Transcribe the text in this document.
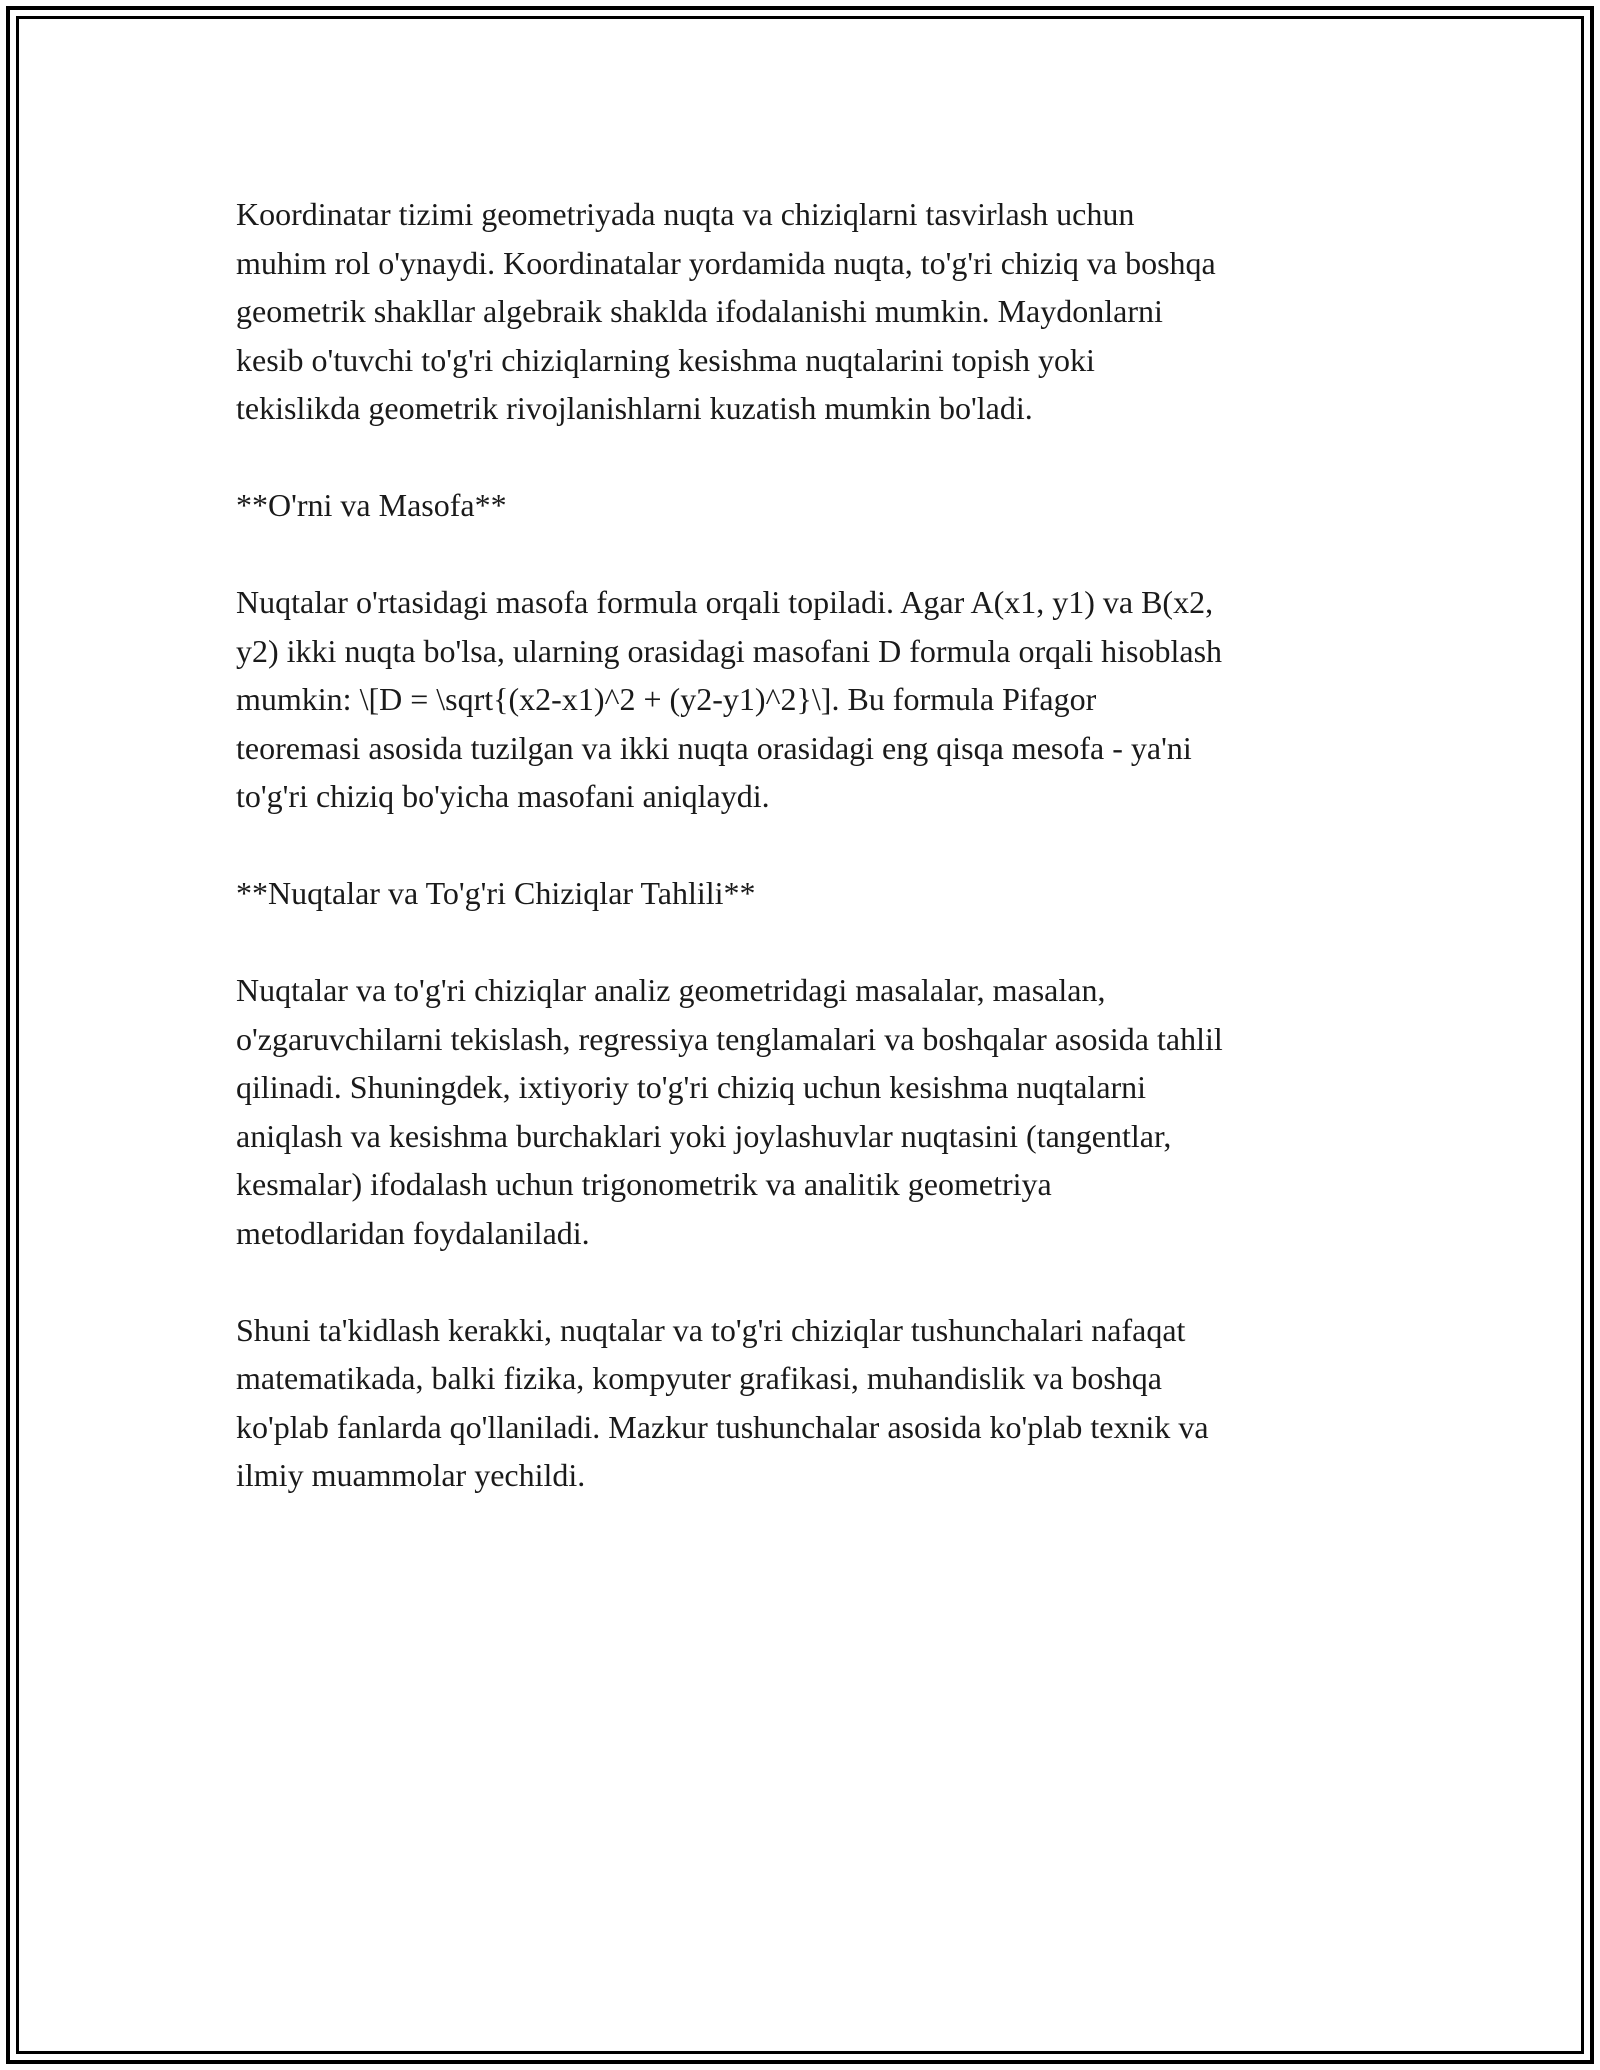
Koordinatar tizimi geometriyada nuqta va chiziqlarni tasvirlash uchun
muhim rol o'ynaydi. Koordinatalar yordamida nuqta, to'g'ri chiziq va boshqa
geometrik shakllar algebraik shaklda ifodalanishi mumkin. Maydonlarni
kesib o'tuvchi to'g'ri chiziqlarning kesishma nuqtalarini topish yoki
tekislikda geometrik rivojlanishlarni kuzatish mumkin bo'ladi.

**O'rni va Masofa**

Nuqtalar o'rtasidagi masofa formula orqali topiladi. Agar A(x1, y1) va B(x2,
y2) ikki nuqta bo'lsa, ularning orasidagi masofani D formula orqali hisoblash
mumkin: \[D = \sqrt{(x2-x1)^2 + (y2-y1)^2}\]. Bu formula Pifagor
teoremasi asosida tuzilgan va ikki nuqta orasidagi eng qisqa mesofa - ya'ni
to'g'ri chiziq bo'yicha masofani aniqlaydi.

**Nuqtalar va To'g'ri Chiziqlar Tahlili**

Nuqtalar va to'g'ri chiziqlar analiz geometridagi masalalar, masalan,
o'zgaruvchilarni tekislash, regressiya tenglamalari va boshqalar asosida tahlil
qilinadi. Shuningdek, ixtiyoriy to'g'ri chiziq uchun kesishma nuqtalarni
aniqlash va kesishma burchaklari yoki joylashuvlar nuqtasini (tangentlar,
kesmalar) ifodalash uchun trigonometrik va analitik geometriya
metodlaridan foydalaniladi.

Shuni ta'kidlash kerakki, nuqtalar va to'g'ri chiziqlar tushunchalari nafaqat
matematikada, balki fizika, kompyuter grafikasi, muhandislik va boshqa
ko'plab fanlarda qo'llaniladi. Mazkur tushunchalar asosida ko'plab texnik va
ilmiy muammolar yechildi.
